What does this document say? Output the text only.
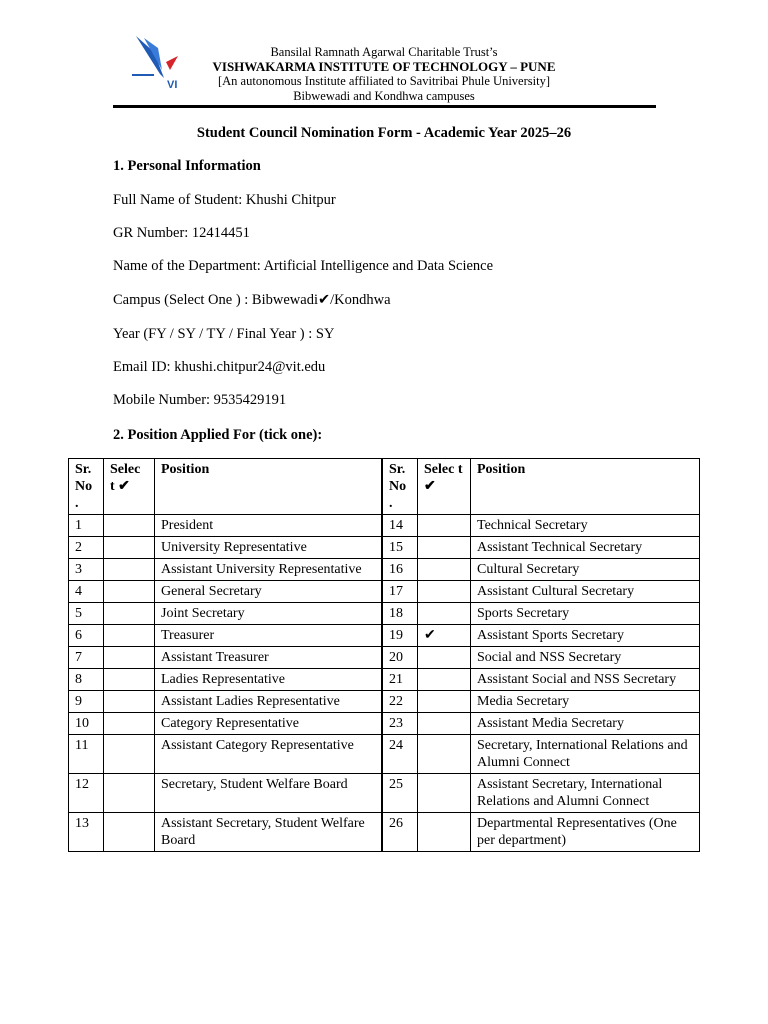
VI
Bansilal Ramnath Agarwal Charitable Trust’s
VISHWAKARMA INSTITUTE OF TECHNOLOGY – PUNE
[An autonomous Institute affiliated to Savitribai Phule University]
Bibwewadi and Kondhwa campuses
Student Council Nomination Form - Academic Year 2025–26
1. Personal Information
Full Name of Student: Khushi Chitpur
GR Number: 12414451
Name of the Department: Artificial Intelligence and Data Science
Campus (Select One ) : Bibwewadi✔/Kondhwa
Year (FY / SY / TY / Final Year ) : SY
Email ID: khushi.chitpur24@vit.edu
Mobile Number: 9535429191
2. Position Applied For (tick one):
Sr. No .	Selec t ✔	Position	Sr. No .	Selec t ✔	Position
1		President	14		Technical Secretary
2		University Representative	15		Assistant Technical Secretary
3		Assistant University Representative	16		Cultural Secretary
4		General Secretary	17		Assistant Cultural Secretary
5		Joint Secretary	18		Sports Secretary
6		Treasurer	19	✔	Assistant Sports Secretary
7		Assistant Treasurer	20		Social and NSS Secretary
8		Ladies Representative	21		Assistant Social and NSS Secretary
9		Assistant Ladies Representative	22		Media Secretary
10		Category Representative	23		Assistant Media Secretary
11		Assistant Category Representative	24		Secretary, International Relations and Alumni Connect
12		Secretary, Student Welfare Board	25		Assistant Secretary, International Relations and Alumni Connect
13		Assistant Secretary, Student Welfare Board	26		Departmental Representatives (One per department)
